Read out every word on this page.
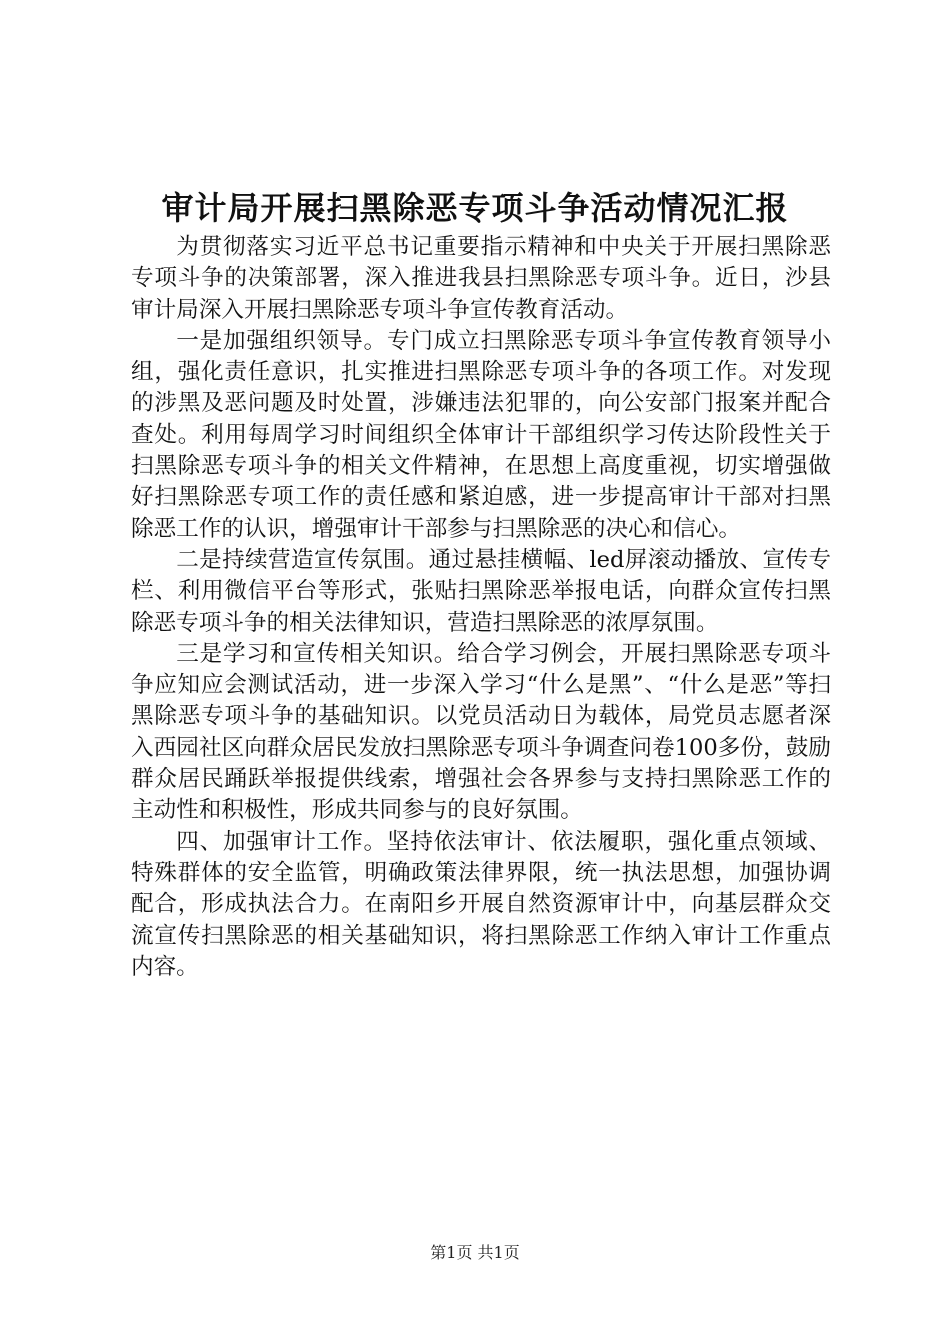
审计局开展扫黑除恶专项斗争活动情况汇报

为贯彻落实习近平总书记重要指示精神和中央关于开展扫黑除恶专项斗争的决策部署，深入推进我县扫黑除恶专项斗争。近日，沙县审计局深入开展扫黑除恶专项斗争宣传教育活动。

一是加强组织领导。专门成立扫黑除恶专项斗争宣传教育领导小组，强化责任意识，扎实推进扫黑除恶专项斗争的各项工作。对发现的涉黑及恶问题及时处置，涉嫌违法犯罪的，向公安部门报案并配合查处。利用每周学习时间组织全体审计干部组织学习传达阶段性关于扫黑除恶专项斗争的相关文件精神，在思想上高度重视，切实增强做好扫黑除恶专项工作的责任感和紧迫感，进一步提高审计干部对扫黑除恶工作的认识，增强审计干部参与扫黑除恶的决心和信心。

二是持续营造宣传氛围。通过悬挂横幅、led屏滚动播放、宣传专栏、利用微信平台等形式，张贴扫黑除恶举报电话，向群众宣传扫黑除恶专项斗争的相关法律知识，营造扫黑除恶的浓厚氛围。

三是学习和宣传相关知识。给合学习例会，开展扫黑除恶专项斗争应知应会测试活动，进一步深入学习“什么是黑”、“什么是恶”等扫黑除恶专项斗争的基础知识。以党员活动日为载体，局党员志愿者深入西园社区向群众居民发放扫黑除恶专项斗争调查问卷100多份，鼓励群众居民踊跃举报提供线索，增强社会各界参与支持扫黑除恶工作的主动性和积极性，形成共同参与的良好氛围。

四、加强审计工作。坚持依法审计、依法履职，强化重点领域、特殊群体的安全监管，明确政策法律界限，统一执法思想，加强协调配合，形成执法合力。在南阳乡开展自然资源审计中，向基层群众交流宣传扫黑除恶的相关基础知识，将扫黑除恶工作纳入审计工作重点内容。

第1页 共1页
